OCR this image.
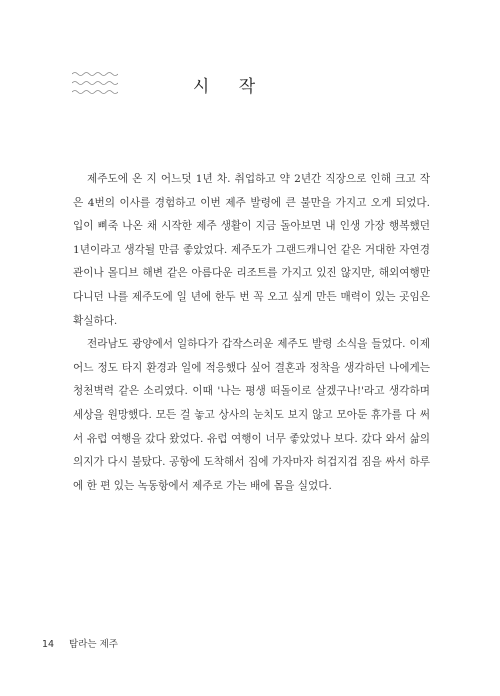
시 작

제주도에 온 지 어느덧 1년 차. 취업하고 약 2년간 직장으로 인해 크고 작은 4번의 이사를 경험하고 이번 제주 발령에 큰 불만을 가지고 오게 되었다. 입이 삐죽 나온 채 시작한 제주 생활이 지금 돌아보면 내 인생 가장 행복했던 1년이라고 생각될 만큼 좋았었다. 제주도가 그랜드캐니언 같은 거대한 자연경관이나 몰디브 해변 같은 아름다운 리조트를 가지고 있진 않지만, 해외여행만 다니던 나를 제주도에 일 년에 한두 번 꼭 오고 싶게 만든 매력이 있는 곳임은 확실하다.

전라남도 광양에서 일하다가 갑작스러운 제주도 발령 소식을 들었다. 이제 어느 정도 타지 환경과 일에 적응했다 싶어 결혼과 정착을 생각하던 나에게는 청천벽력 같은 소리였다. 이때 '나는 평생 떠돌이로 살겠구나!'라고 생각하며 세상을 원망했다. 모든 걸 놓고 상사의 눈치도 보지 않고 모아둔 휴가를 다 써서 유럽 여행을 갔다 왔었다. 유럽 여행이 너무 좋았었나 보다. 갔다 와서 삶의 의지가 다시 불탔다. 공항에 도착해서 집에 가자마자 허겁지겁 짐을 싸서 하루에 한 편 있는 녹동항에서 제주로 가는 배에 몸을 실었다.

14 탐라는 제주
